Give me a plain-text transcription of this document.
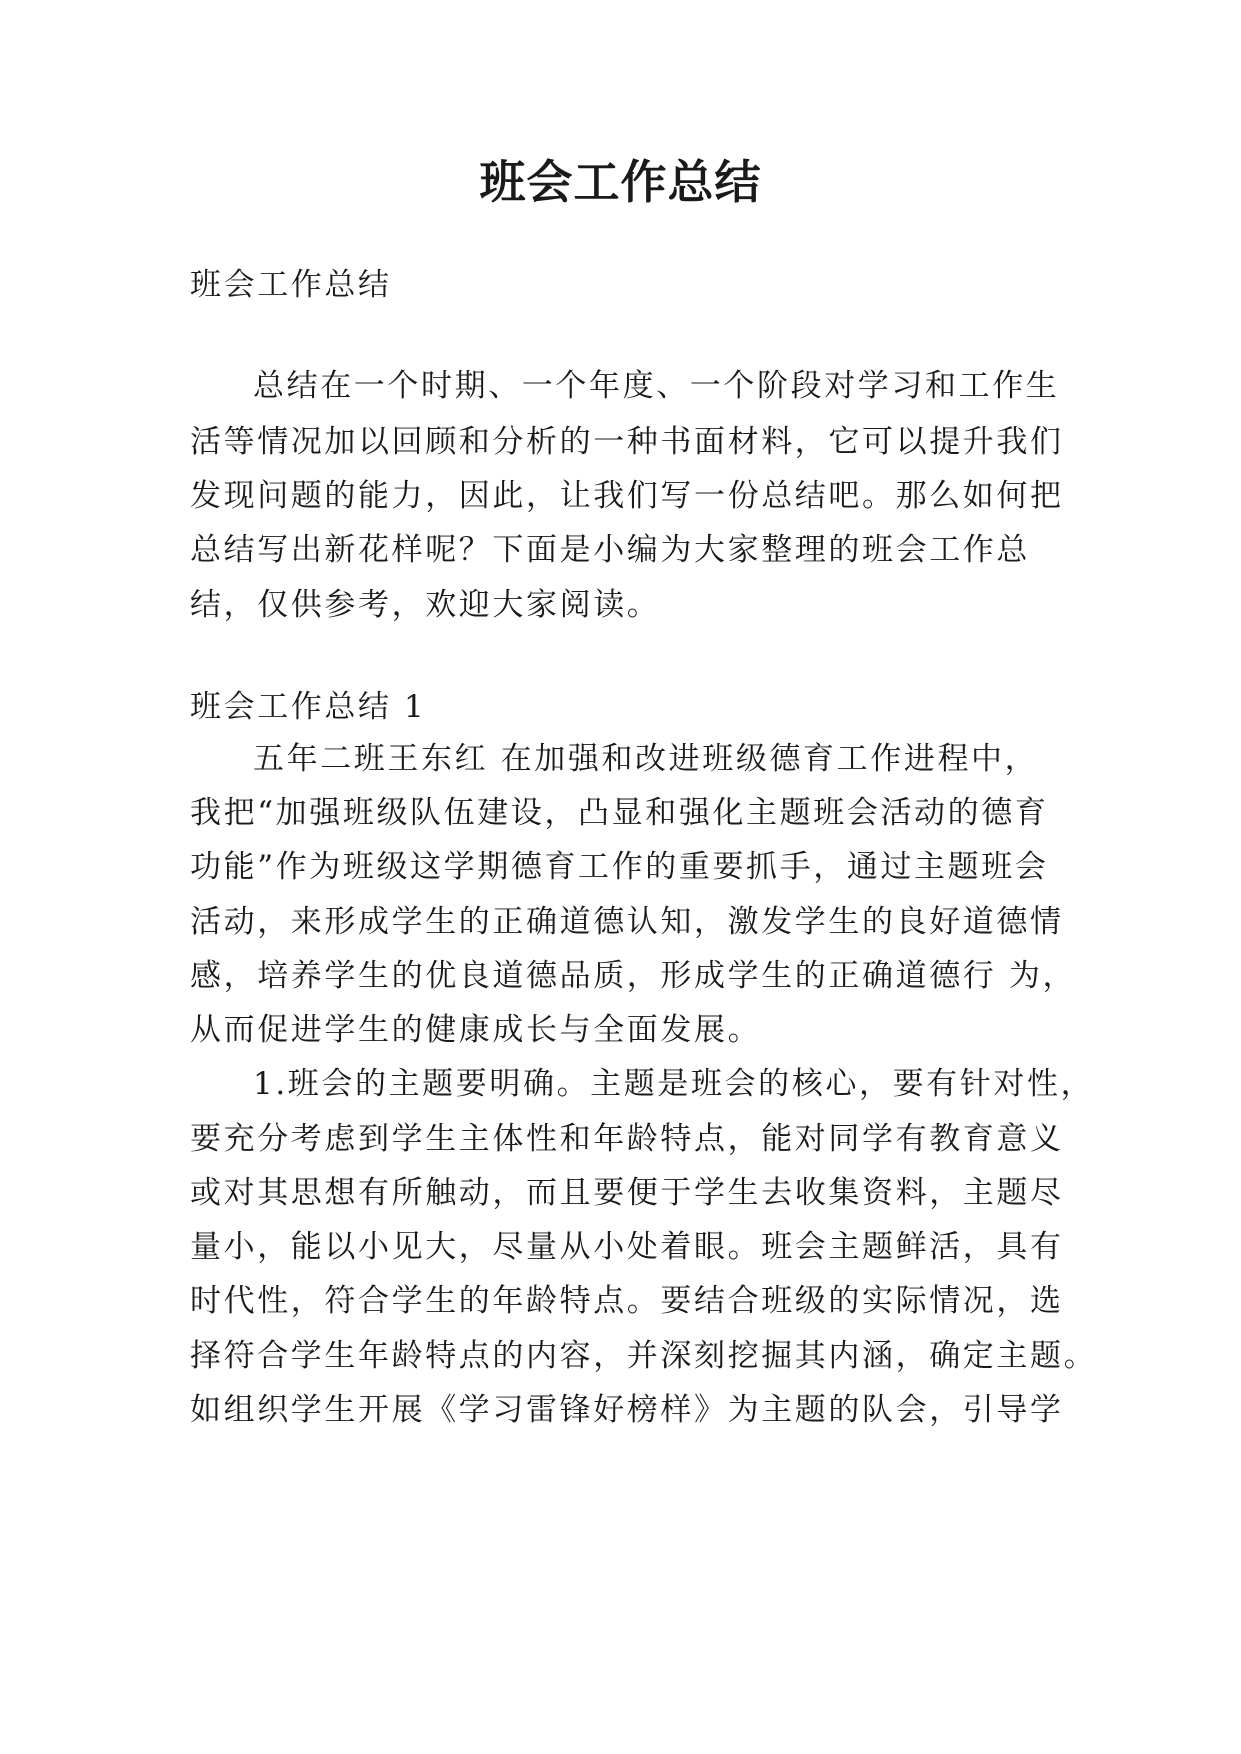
班会工作总结
班会工作总结
总结在一个时期、一个年度、一个阶段对学习和工作生
活等情况加以回顾和分析的一种书面材料，它可以提升我们
发现问题的能力，因此，让我们写一份总结吧。那么如何把
总结写出新花样呢？下面是小编为大家整理的班会工作总
结，仅供参考，欢迎大家阅读。
班会工作总结 1
五年二班王东红 在加强和改进班级德育工作进程中，
我把“加强班级队伍建设，凸显和强化主题班会活动的德育
功能”作为班级这学期德育工作的重要抓手，通过主题班会
活动，来形成学生的正确道德认知，激发学生的良好道德情
感，培养学生的优良道德品质，形成学生的正确道德行 为，
从而促进学生的健康成长与全面发展。
1.班会的主题要明确。主题是班会的核心，要有针对性，
要充分考虑到学生主体性和年龄特点，能对同学有教育意义
或对其思想有所触动，而且要便于学生去收集资料，主题尽
量小，能以小见大，尽量从小处着眼。班会主题鲜活，具有
时代性，符合学生的年龄特点。要结合班级的实际情况，选
择符合学生年龄特点的内容，并深刻挖掘其内涵，确定主题。
如组织学生开展《学习雷锋好榜样》为主题的队会，引导学
